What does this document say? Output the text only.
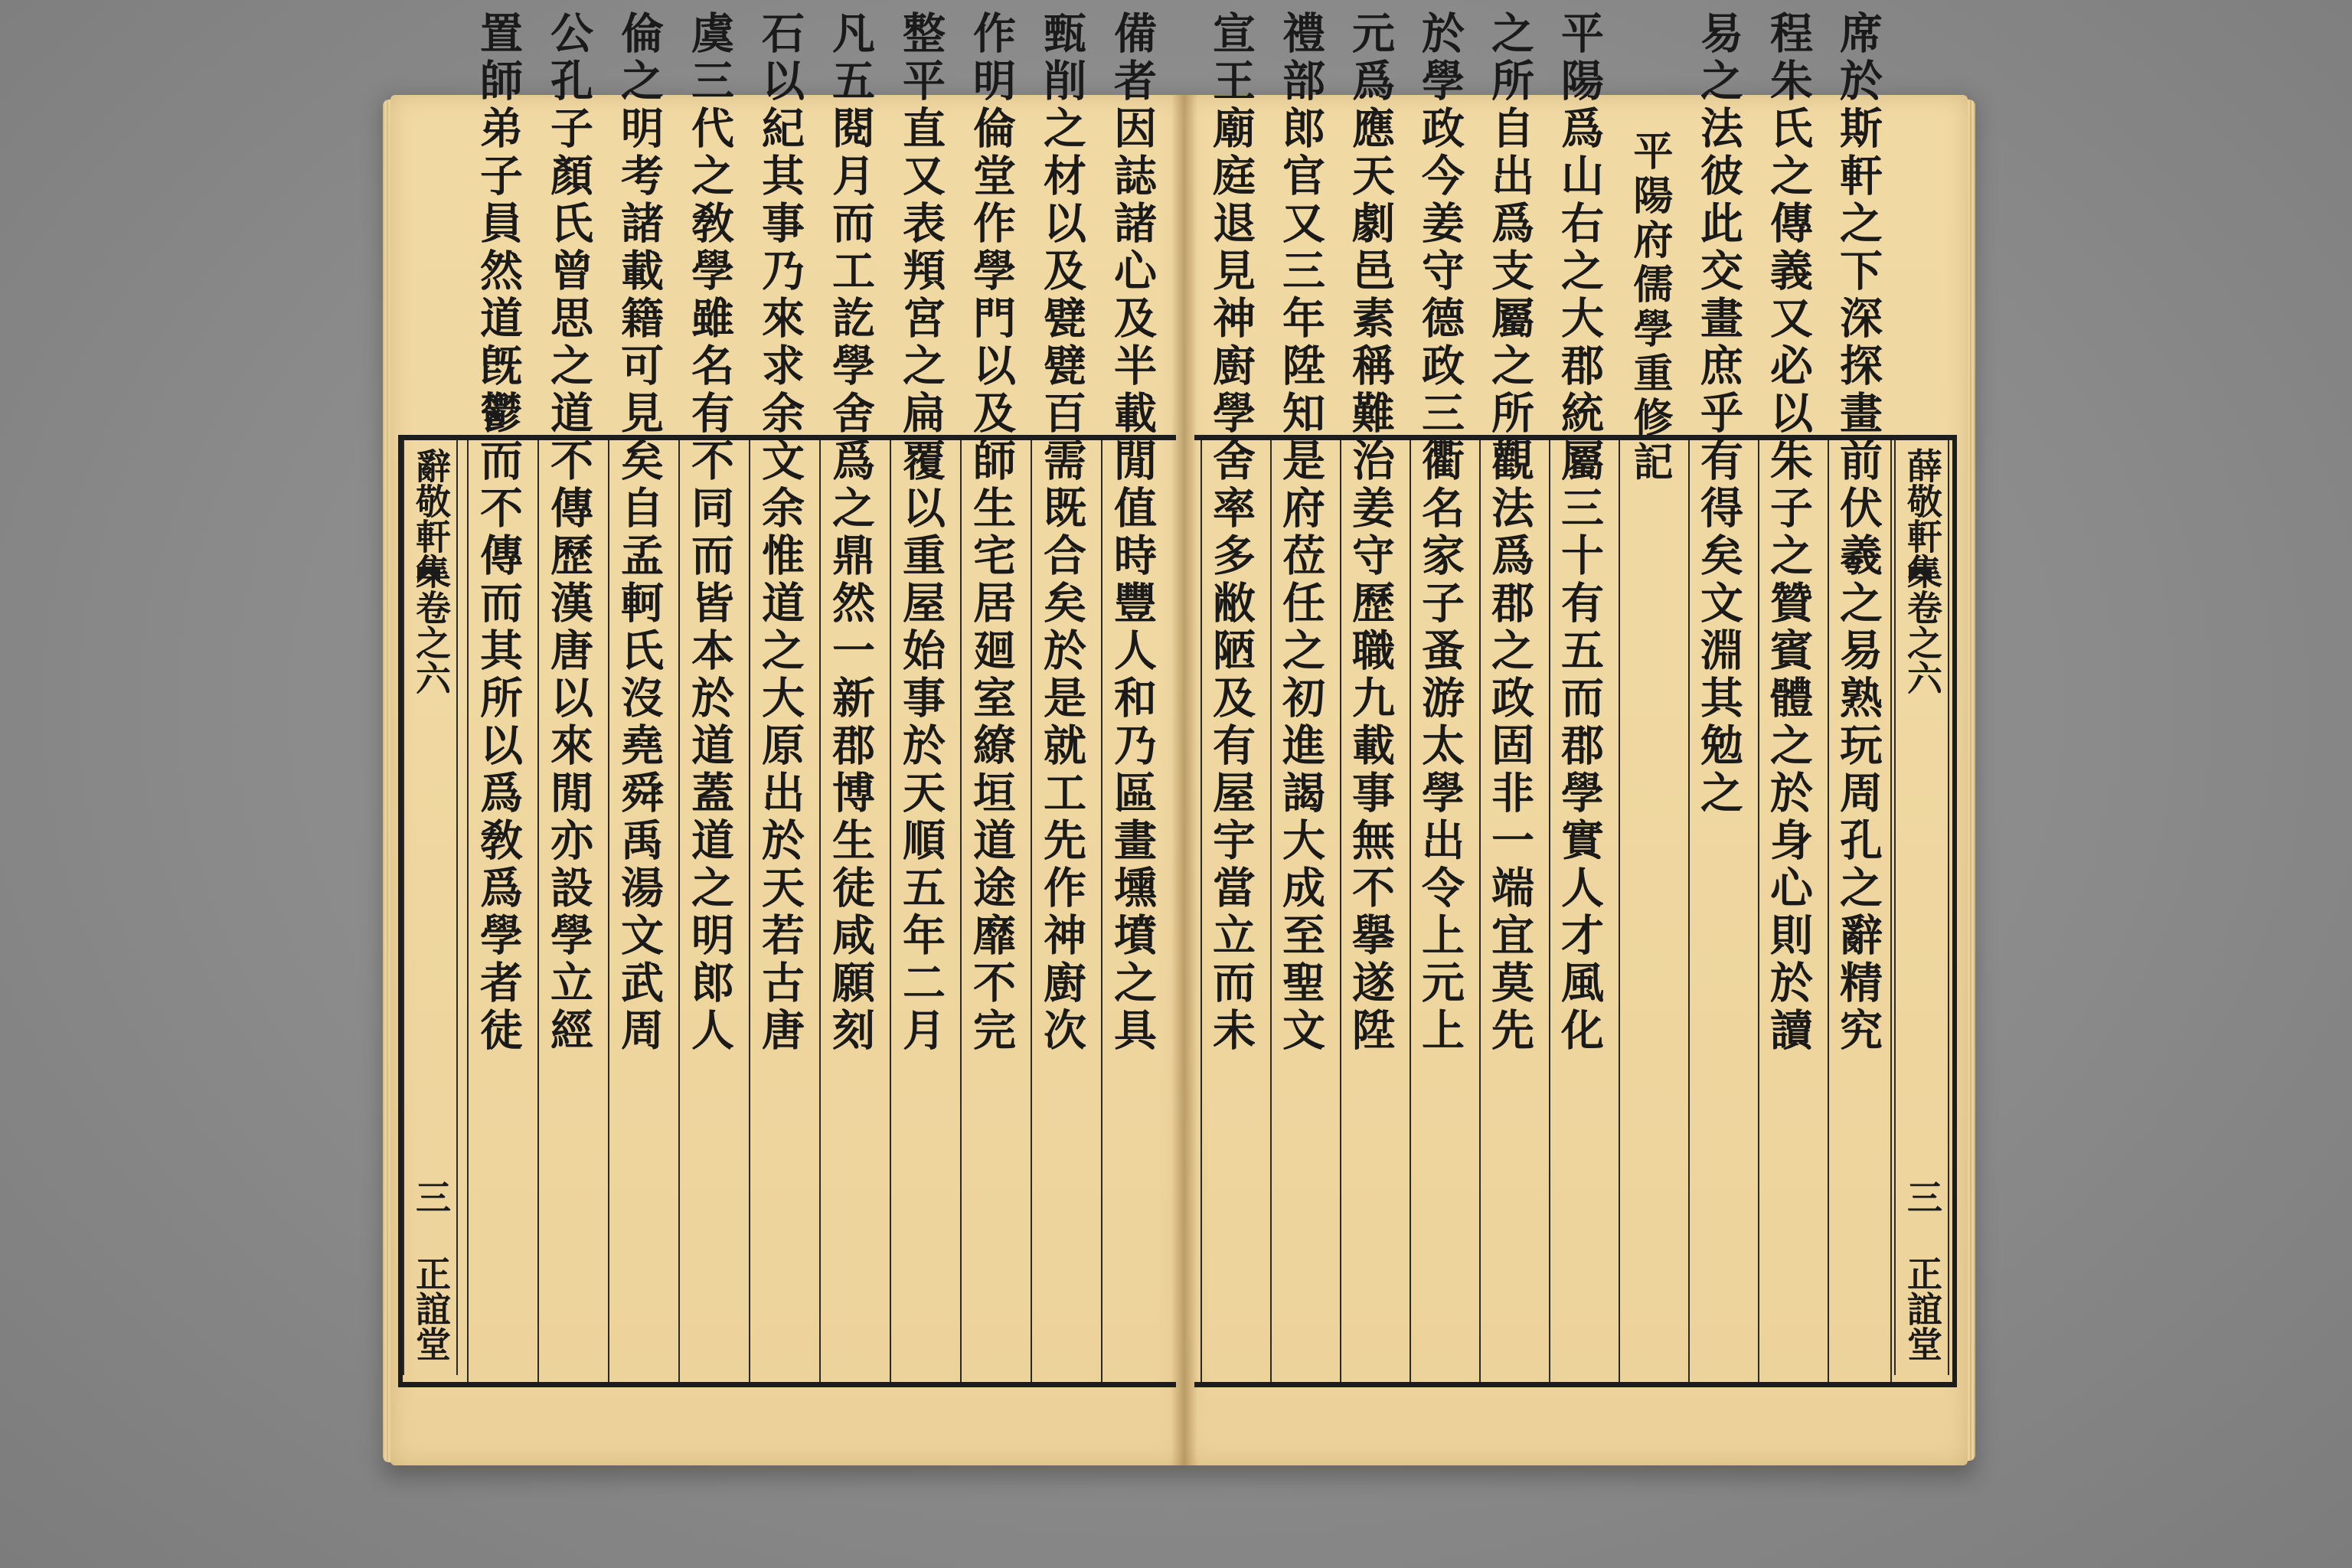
辭敬軒集
卷之六
三
正誼堂
備者因誌諸心及半載閒值時豐人和乃區畫壎墳之具
甄削之材以及甓甓百需既合矣於是就工先作神廚次
作明倫堂作學門以及師生宅居廻室繚垣道途靡不完
整平直又表頖宮之扁覆以重屋始事於天順五年二月
凡五閱月而工訖學舍爲之鼎然一新郡博生徒咸願刻
石以紀其事乃來求余文余惟道之大原出於天若古唐
虞三代之敎學雖名有不同而皆本於道蓋道之明郎人
倫之明考諸載籍可見矣自孟軻氏沒堯舜禹湯文武周
公孔子顏氏曾思之道不傳歷漢唐以來閒亦設學立經
置師弟子員然道旣鬱而不傳而其所以爲敎爲學者徒	薛敬軒集
卷之六
三
正誼堂
席於斯軒之下深探畫前伏羲之易熟玩周孔之辭精究
程朱氏之傳義又必以朱子之贊賓體之於身心則於讀
易之法彼此交畫庶乎有得矣文淵其勉之
平陽府儒學重修記
平陽爲山右之大郡統屬三十有五而郡學實人才風化
之所自出爲支屬之所觀法爲郡之政固非一端宜莫先
於學政今姜守德政三衢名家子蚤游太學出令上元上
元爲應天劇邑素稱難治姜守歷職九載事無不擧遂陞
禮部郎官又三年陞知是府莅任之初進謁大成至聖文
宣王廟庭退見神廚學舍率多敝陋及有屋宇當立而未
